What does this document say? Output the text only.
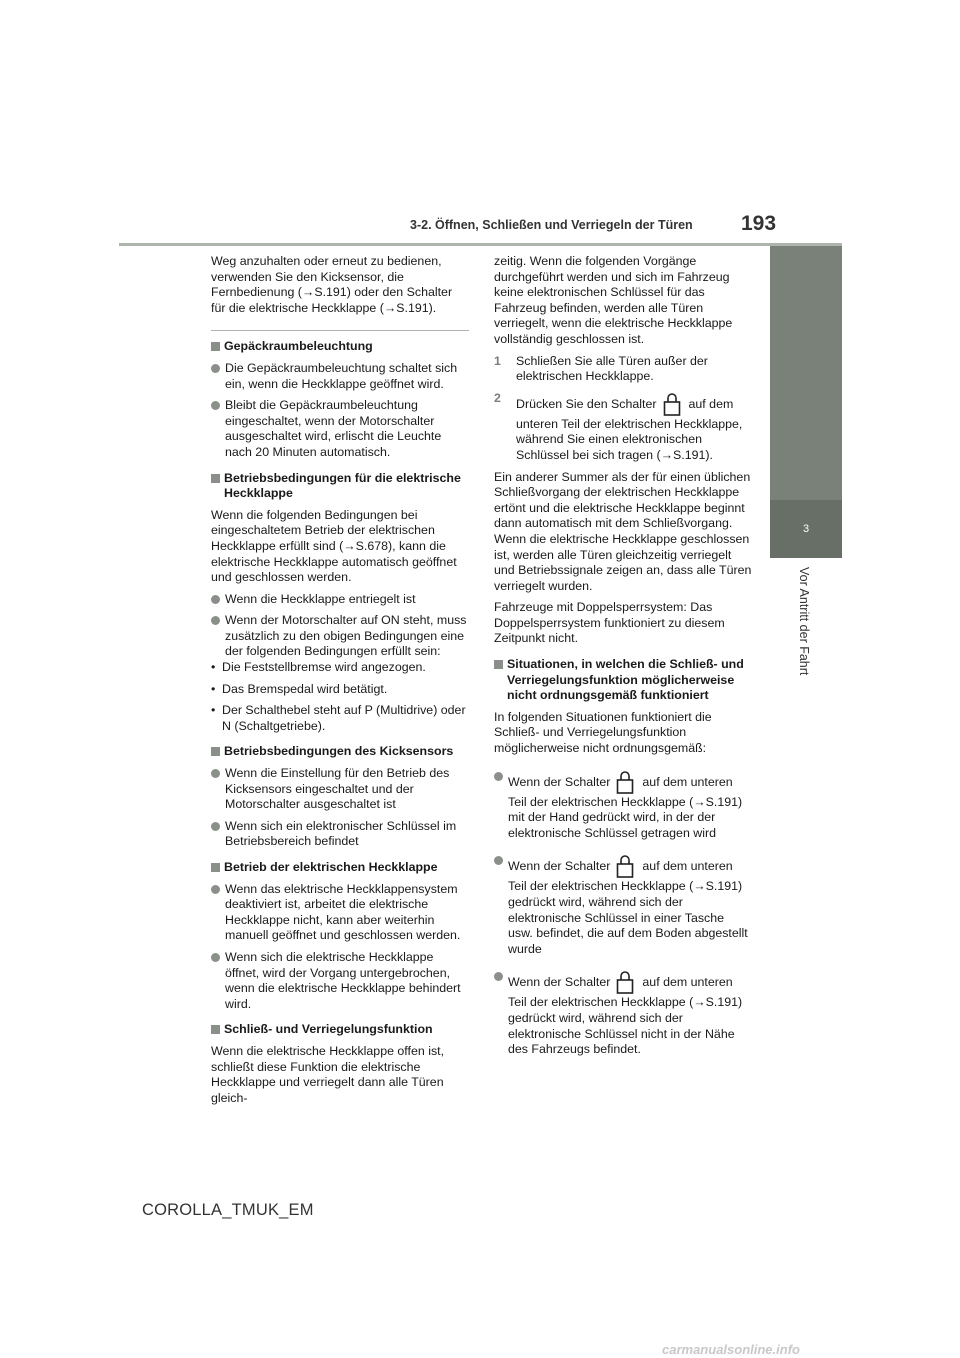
3-2. Öffnen, Schließen und Verriegeln der Türen 193
3
Vor Antritt der Fahrt

Weg anzuhalten oder erneut zu bedienen, verwenden Sie den Kicksensor, die Fernbedienung (→S.191) oder den Schalter für die elektrische Heckklappe (→S.191).

Gepäckraumbeleuchtung

Die Gepäckraumbeleuchtung schaltet sich ein, wenn die Heckklappe geöffnet wird.

Bleibt die Gepäckraumbeleuchtung eingeschaltet, wenn der Motorschalter ausgeschaltet wird, erlischt die Leuchte nach 20 Minuten automatisch.

Betriebsbedingungen für die elektrische Heckklappe

Wenn die folgenden Bedingungen bei eingeschaltetem Betrieb der elektrischen Heckklappe erfüllt sind (→S.678), kann die elektrische Heckklappe automatisch geöffnet und geschlossen werden.

Wenn die Heckklappe entriegelt ist

Wenn der Motorschalter auf ON steht, muss zusätzlich zu den obigen Bedingungen eine der folgenden Bedingungen erfüllt sein:

• Die Feststellbremse wird angezogen.

• Das Bremspedal wird betätigt.

• Der Schalthebel steht auf P (Multidrive) oder N (Schaltgetriebe).

Betriebsbedingungen des Kicksensors

Wenn die Einstellung für den Betrieb des Kicksensors eingeschaltet und der Motorschalter ausgeschaltet ist

Wenn sich ein elektronischer Schlüssel im Betriebsbereich befindet

Betrieb der elektrischen Heckklappe

Wenn das elektrische Heckklappensystem deaktiviert ist, arbeitet die elektrische Heckklappe nicht, kann aber weiterhin manuell geöffnet und geschlossen werden.

Wenn sich die elektrische Heckklappe öffnet, wird der Vorgang untergebrochen, wenn die elektrische Heckklappe behindert wird.

Schließ- und Verriegelungsfunktion

Wenn die elektrische Heckklappe offen ist, schließt diese Funktion die elektrische Heckklappe und verriegelt dann alle Türen gleich-

zeitig. Wenn die folgenden Vorgänge durchgeführt werden und sich im Fahrzeug keine elektronischen Schlüssel für das Fahrzeug befinden, werden alle Türen verriegelt, wenn die elektrische Heckklappe vollständig geschlossen ist.

1 Schließen Sie alle Türen außer der elektrischen Heckklappe.
2 Drücken Sie den Schalter	auf dem
unteren Teil der elektrischen Heckklappe, während Sie einen elektronischen Schlüssel bei sich tragen (→S.191).

Ein anderer Summer als der für einen üblichen Schließvorgang der elektrischen Heckklappe ertönt und die elektrische Heckklappe beginnt dann automatisch mit dem Schließvorgang. Wenn die elektrische Heckklappe geschlossen ist, werden alle Türen gleichzeitig verriegelt und Betriebssignale zeigen an, dass alle Türen verriegelt wurden.

Fahrzeuge mit Doppelsperrsystem: Das Doppelsperrsystem funktioniert zu diesem Zeitpunkt nicht.

Situationen, in welchen die Schließ- und Verriegelungsfunktion möglicherweise nicht ordnungsgemäß funktioniert

In folgenden Situationen funktioniert die Schließ- und Verriegelungsfunktion möglicherweise nicht ordnungsgemäß:

Wenn der Schalter	auf dem unteren
Teil der elektrischen Heckklappe (→S.191) mit der Hand gedrückt wird, in der der elektronische Schlüssel getragen wird
Wenn der Schalter	auf dem unteren
Teil der elektrischen Heckklappe (→S.191) gedrückt wird, während sich der elektronische Schlüssel in einer Tasche usw. befindet, die auf dem Boden abgestellt wurde
Wenn der Schalter	auf dem unteren
Teil der elektrischen Heckklappe (→S.191) gedrückt wird, während sich der elektronische Schlüssel nicht in der Nähe des Fahrzeugs befindet.
COROLLA_TMUK_EM
carmanualsonline.info
